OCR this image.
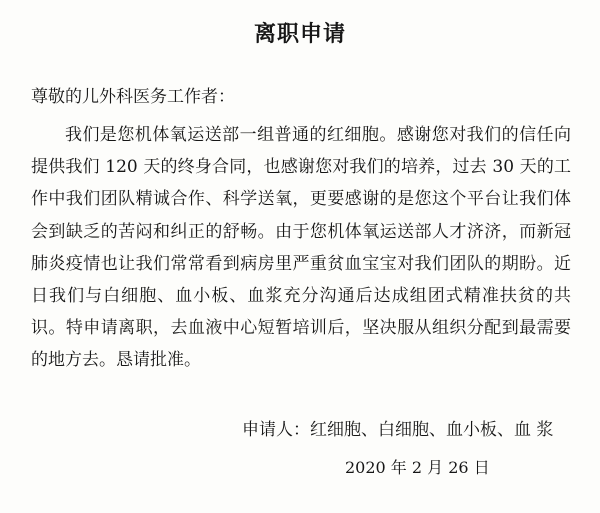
离职申请
尊敬的儿外科医务工作者：

我们是您机体氧运送部一组普通的红细胞。感谢您对我们的信任向提供我们 120 天的终身合同，也感谢您对我们的培养，过去 30 天的工作中我们团队精诚合作、科学送氧，更要感谢的是您这个平台让我们体会到缺乏的苦闷和纠正的舒畅。由于您机体氧运送部人才济济，而新冠肺炎疫情也让我们常常看到病房里严重贫血宝宝对我们团队的期盼。近日我们与白细胞、血小板、血浆充分沟通后达成组团式精准扶贫的共识。特申请离职，去血液中心短暂培训后，坚决服从组织分配到最需要的地方去。恳请批准。

申请人：红细胞、白细胞、血小板、血 浆
2020 年 2 月 26 日
